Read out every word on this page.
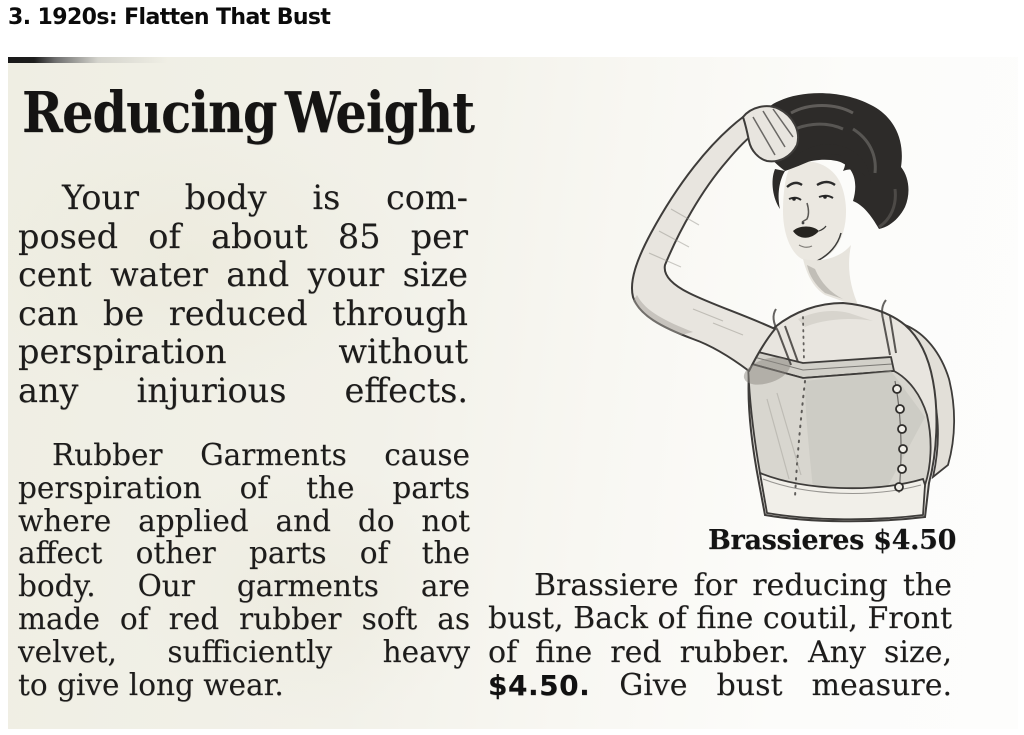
3. 1920s: Flatten That Bust
Reducing Weight
Your body is com-
posed of about 85 per
cent water and your size
can be reduced through
perspiration without
any injurious effects.
Rubber Garments cause
perspiration of the parts
where applied and do not
affect other parts of the
body. Our garments are
made of red rubber soft as
velvet, sufficiently heavy
to give long wear.
Brassieres $4.50
Brassiere for reducing the
bust, Back of fine coutil, Front
of fine red rubber. Any size,
$4.50. Give bust measure.
